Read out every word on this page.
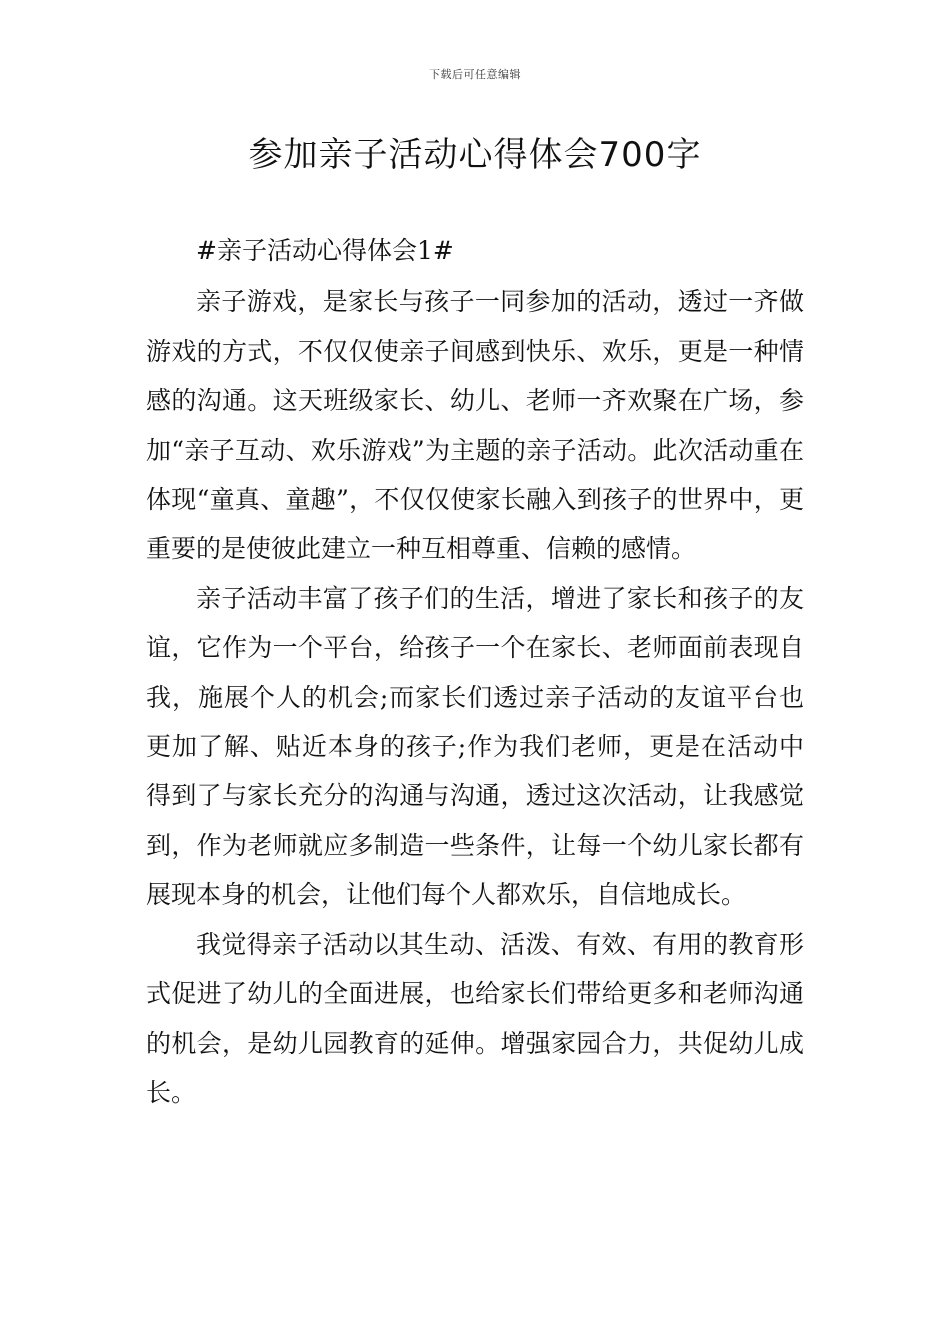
下载后可任意编辑
参加亲子活动心得体会700字

#亲子活动心得体会1#

亲子游戏，是家长与孩子一同参加的活动，透过一齐做游戏的方式，不仅仅使亲子间感到快乐、欢乐，更是一种情感的沟通。这天班级家长、幼儿、老师一齐欢聚在广场，参加“亲子互动、欢乐游戏”为主题的亲子活动。此次活动重在体现“童真、童趣”，不仅仅使家长融入到孩子的世界中，更重要的是使彼此建立一种互相尊重、信赖的感情。

亲子活动丰富了孩子们的生活，增进了家长和孩子的友谊，它作为一个平台，给孩子一个在家长、老师面前表现自我，施展个人的机会;而家长们透过亲子活动的友谊平台也更加了解、贴近本身的孩子;作为我们老师，更是在活动中得到了与家长充分的沟通与沟通，透过这次活动，让我感觉到，作为老师就应多制造一些条件，让每一个幼儿家长都有展现本身的机会，让他们每个人都欢乐，自信地成长。

我觉得亲子活动以其生动、活泼、有效、有用的教育形式促进了幼儿的全面进展，也给家长们带给更多和老师沟通的机会，是幼儿园教育的延伸。增强家园合力，共促幼儿成长。
